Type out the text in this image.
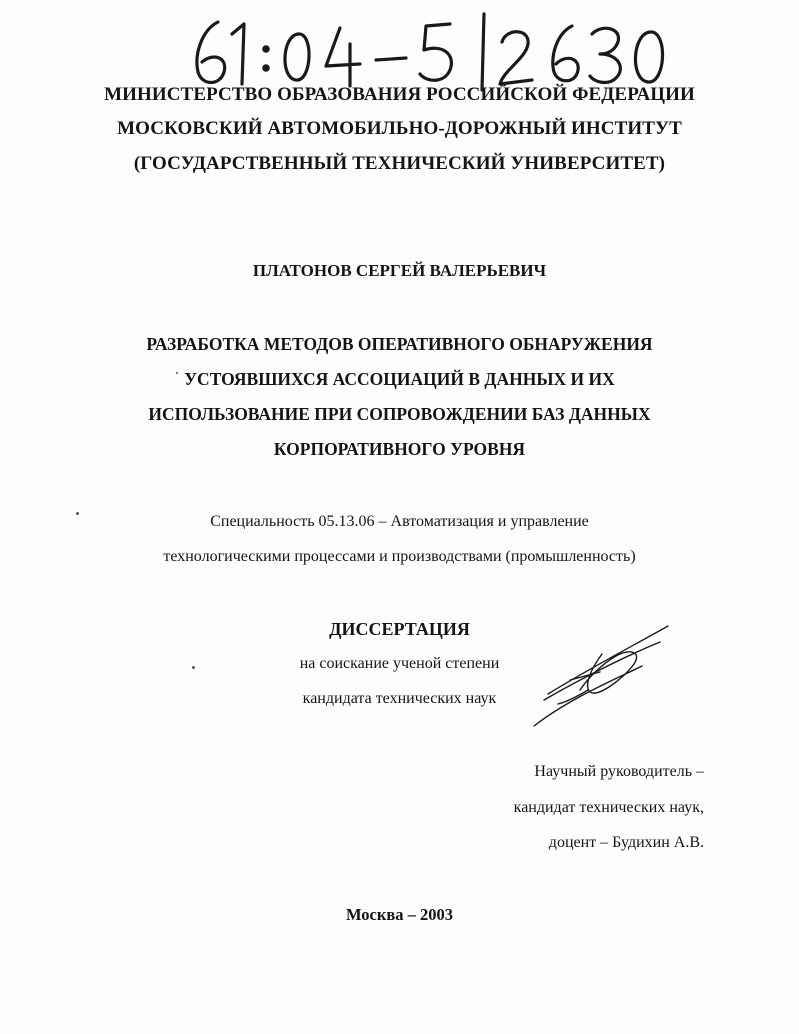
МИНИСТЕРСТВО ОБРАЗОВАНИЯ РОССИЙСКОЙ ФЕДЕРАЦИИ
МОСКОВСКИЙ АВТОМОБИЛЬНО-ДОРОЖНЫЙ ИНСТИТУТ
(ГОСУДАРСТВЕННЫЙ ТЕХНИЧЕСКИЙ УНИВЕРСИТЕТ)
ПЛАТОНОВ СЕРГЕЙ ВАЛЕРЬЕВИЧ
РАЗРАБОТКА МЕТОДОВ ОПЕРАТИВНОГО ОБНАРУЖЕНИЯ
УСТОЯВШИХСЯ АССОЦИАЦИЙ В ДАННЫХ И ИХ
ИСПОЛЬЗОВАНИЕ ПРИ СОПРОВОЖДЕНИИ БАЗ ДАННЫХ
КОРПОРАТИВНОГО УРОВНЯ
Специальность 05.13.06 – Автоматизация и управление
технологическими процессами и производствами (промышленность)
ДИССЕРТАЦИЯ
на соискание ученой степени
кандидата технических наук
Научный руководитель –
кандидат технических наук,
доцент – Будихин А.В.
Москва – 2003
